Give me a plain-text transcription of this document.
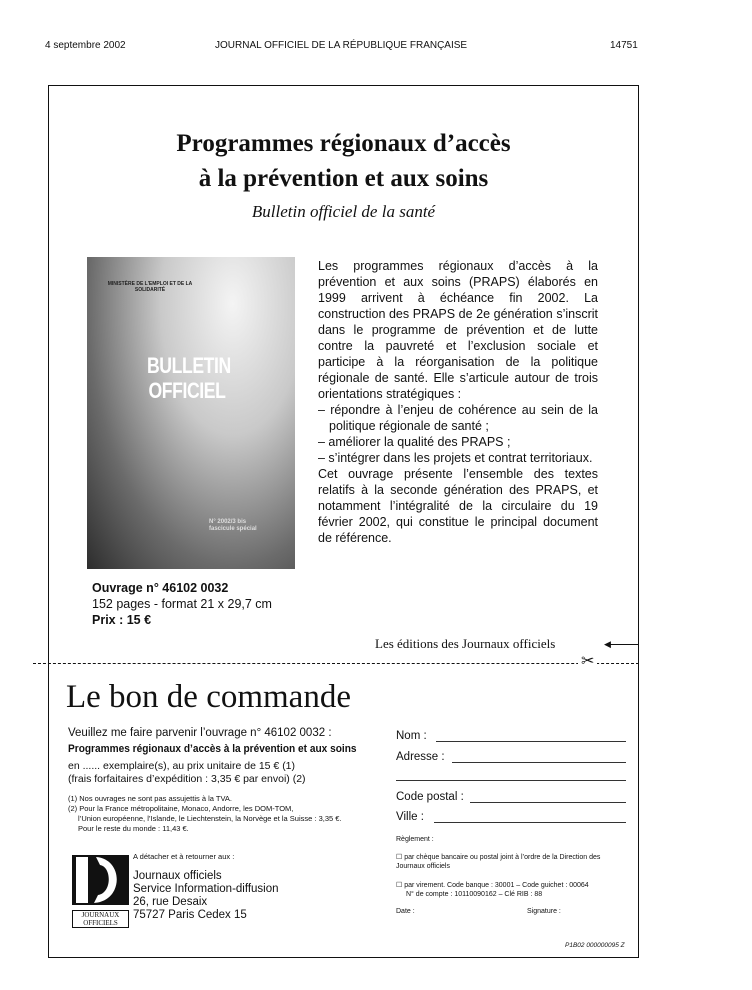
4 septembre 2002	JOURNAL OFFICIEL DE LA RÉPUBLIQUE FRANÇAISE	14751
Programmes régionaux d’accès
à la prévention et aux soins
Bulletin officiel de la santé
MINISTÈRE DE L'EMPLOI ET DE LA SOLIDARITÉ
BULLETIN
OFFICIEL
N° 2002/3 bis
fascicule spécial

Les programmes régionaux d’accès à la prévention et aux soins (PRAPS) élaborés en 1999 arrivent à échéance fin 2002. La construction des PRAPS de 2e génération s’inscrit dans le programme de prévention et de lutte contre la pauvreté et l’exclusion sociale et participe à la réorganisation de la politique régionale de santé. Elle s’articule autour de trois orientations stratégiques :

– répondre à l’enjeu de cohérence au sein de la politique régionale de santé ;
– améliorer la qualité des PRAPS ;
– s’intégrer dans les projets et contrat territoriaux.

Cet ouvrage présente l’ensemble des textes relatifs à la seconde génération des PRAPS, et notamment l’intégralité de la circulaire du 19 février 2002, qui constitue le principal document de référence.

Ouvrage n° 46102 0032
152 pages - format 21 x 29,7 cm
Prix : 15 €
Les éditions des Journaux officiels	◀
✂
Le bon de commande
Veuillez me faire parvenir l’ouvrage n° 46102 0032 :
Programmes régionaux d’accès à la prévention et aux soins
en ...... exemplaire(s), au prix unitaire de 15 € (1)
(frais forfaitaires d’expédition : 3,35 € par envoi) (2)
(1) Nos ouvrages ne sont pas assujettis à la TVA.
(2) Pour la France métropolitaine, Monaco, Andorre, les DOM-TOM,
l’Union européenne, l’Islande, le Liechtenstein, la Norvège et la Suisse : 3,35 €.
Pour le reste du monde : 11,43 €.
A détacher et à retourner aux :
JOURNAUX
OFFICIELS
Journaux officiels
Service Information-diffusion
26, rue Desaix
75727 Paris Cedex 15
Nom :
Adresse :
Code postal :
Ville :
Règlement :
☐ par chèque bancaire ou postal joint à l’ordre de la Direction des Journaux officiels
☐ par virement. Code banque : 30001 – Code guichet : 00064
N° de compte : 10110090162 – Clé RIB : 88
Date :	Signature :
P1B02 000000095 Z
